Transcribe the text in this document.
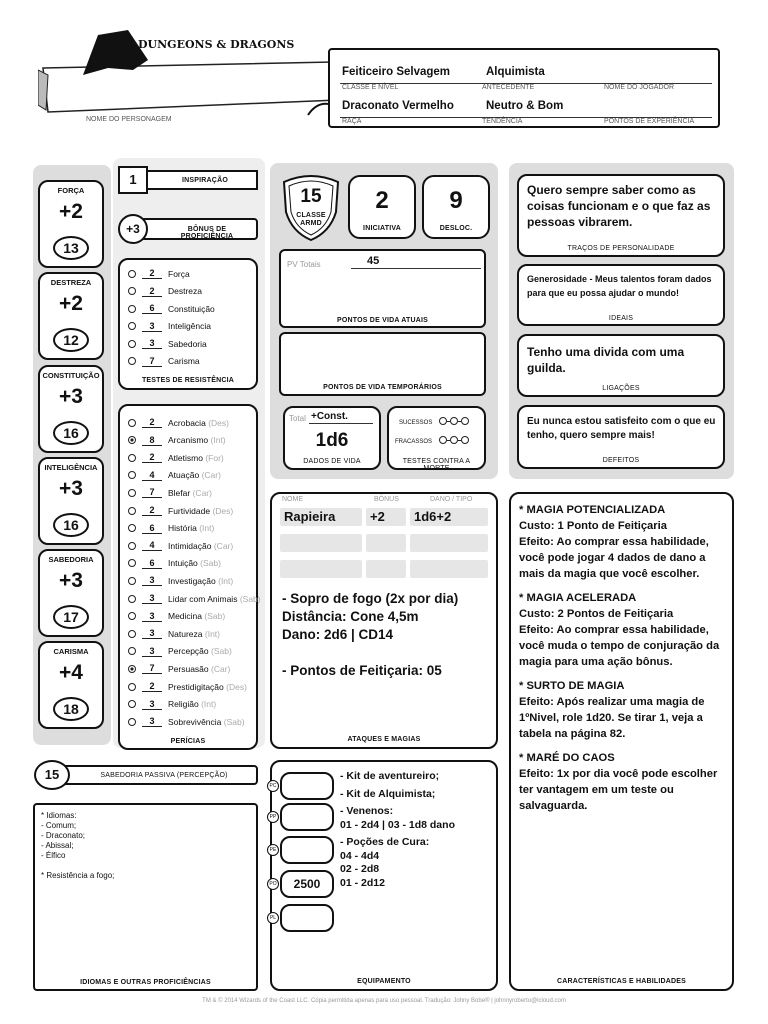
DUNGEONS & DRAGONS
NOME DO PERSONAGEM
Feiticeiro Selvagem
CLASSE E NÍVEL
Alquimista
ANTECEDENTE	NOME DO JOGADOR
Draconato Vermelho
RAÇA
Neutro & Bom
TENDÊNCIA	PONTOS DE EXPERIÊNCIA
FORÇA
+2
13
DESTREZA
+2
12
CONSTITUIÇÃO
+3
16
INTELIGÊNCIA
+3
16
SABEDORIA
+3
17
CARISMA
+4
18
1	INSPIRAÇÃO
+3	BÔNUS DE PROFICIÊNCIA
2	Força
2	Destreza
6	Constituição
3	Inteligência
3	Sabedoria
7	Carisma
TESTES DE RESISTÊNCIA
2	Acrobacia (Des)
8	Arcanismo (Int)
2	Atletismo (For)
4	Atuação (Car)
7	Blefar (Car)
2	Furtividade (Des)
6	História (Int)
4	Intimidação (Car)
6	Intuição (Sab)
3	Investigação (Int)
3	Lidar com Animais (Sab)
3	Medicina (Sab)
3	Natureza (Int)
3	Percepção (Sab)
7	Persuasão (Car)
2	Prestidigitação (Des)
3	Religião (Int)
3	Sobrevivência (Sab)
PERÍCIAS
15	SABEDORIA PASSIVA (PERCEPÇÃO)
* Idiomas:
- Comum;
- Draconato;
- Abissal;
- Élfico
* Resistência a fogo;
IDIOMAS E OUTRAS PROFICIÊNCIAS
15
CLASSE ARMD
2
INICIATIVA
9
DESLOC.
PV Totais	45
PONTOS DE VIDA ATUAIS
PONTOS DE VIDA TEMPORÁRIOS
Total +Const.
1d6
DADOS DE VIDA
SUCESSOS
FRACASSOS
TESTES CONTRA A MORTE
NOME	BÔNUS	DANO / TIPO
Rapieira	+2	1d6+2
- Sopro de fogo (2x por dia)
Distância: Cone 4,5m
Dano: 2d6 | CD14
- Pontos de Feitiçaria: 05
ATAQUES E MAGIAS
- Kit de aventureiro;
- Kit de Alquimista;
- Venenos:
01 - 2d4 | 03 - 1d8 dano
- Poções de Cura:
04 - 4d4
02 - 2d8
01 - 2d12
EQUIPAMENTO
PC
PP
PE
PO	2500
PL
Quero sempre saber como as coisas funcionam e o que faz as pessoas vibrarem.
TRAÇOS DE PERSONALIDADE
Generosidade - Meus talentos foram dados para que eu possa ajudar o mundo!
IDEAIS
Tenho uma divida com uma guilda.
LIGAÇÕES
Eu nunca estou satisfeito com o que eu tenho, quero sempre mais!
DEFEITOS
* MAGIA POTENCIALIZADA
Custo: 1 Ponto de Feitiçaria
Efeito: Ao comprar essa habilidade, você pode jogar 4 dados de dano a mais da magia que você escolher.
* MAGIA ACELERADA
Custo: 2 Pontos de Feitiçaria
Efeito: Ao comprar essa habilidade, você muda o tempo de conjuração da magia para uma ação bônus.
* SURTO DE MAGIA
Efeito: Após realizar uma magia de 1ºNivel, role 1d20. Se tirar 1, veja a tabela na página 82.
* MARÉ DO CAOS
Efeito: 1x por dia você pode escolher ter vantagem em um teste ou salvaguarda.
CARACTERÍSTICAS E HABILIDADES
TM & © 2014 Wizards of the Coast LLC. Cópia permitida apenas para uso pessoal. Tradução: Johny Bobe® | johnnyroberto@icloud.com
